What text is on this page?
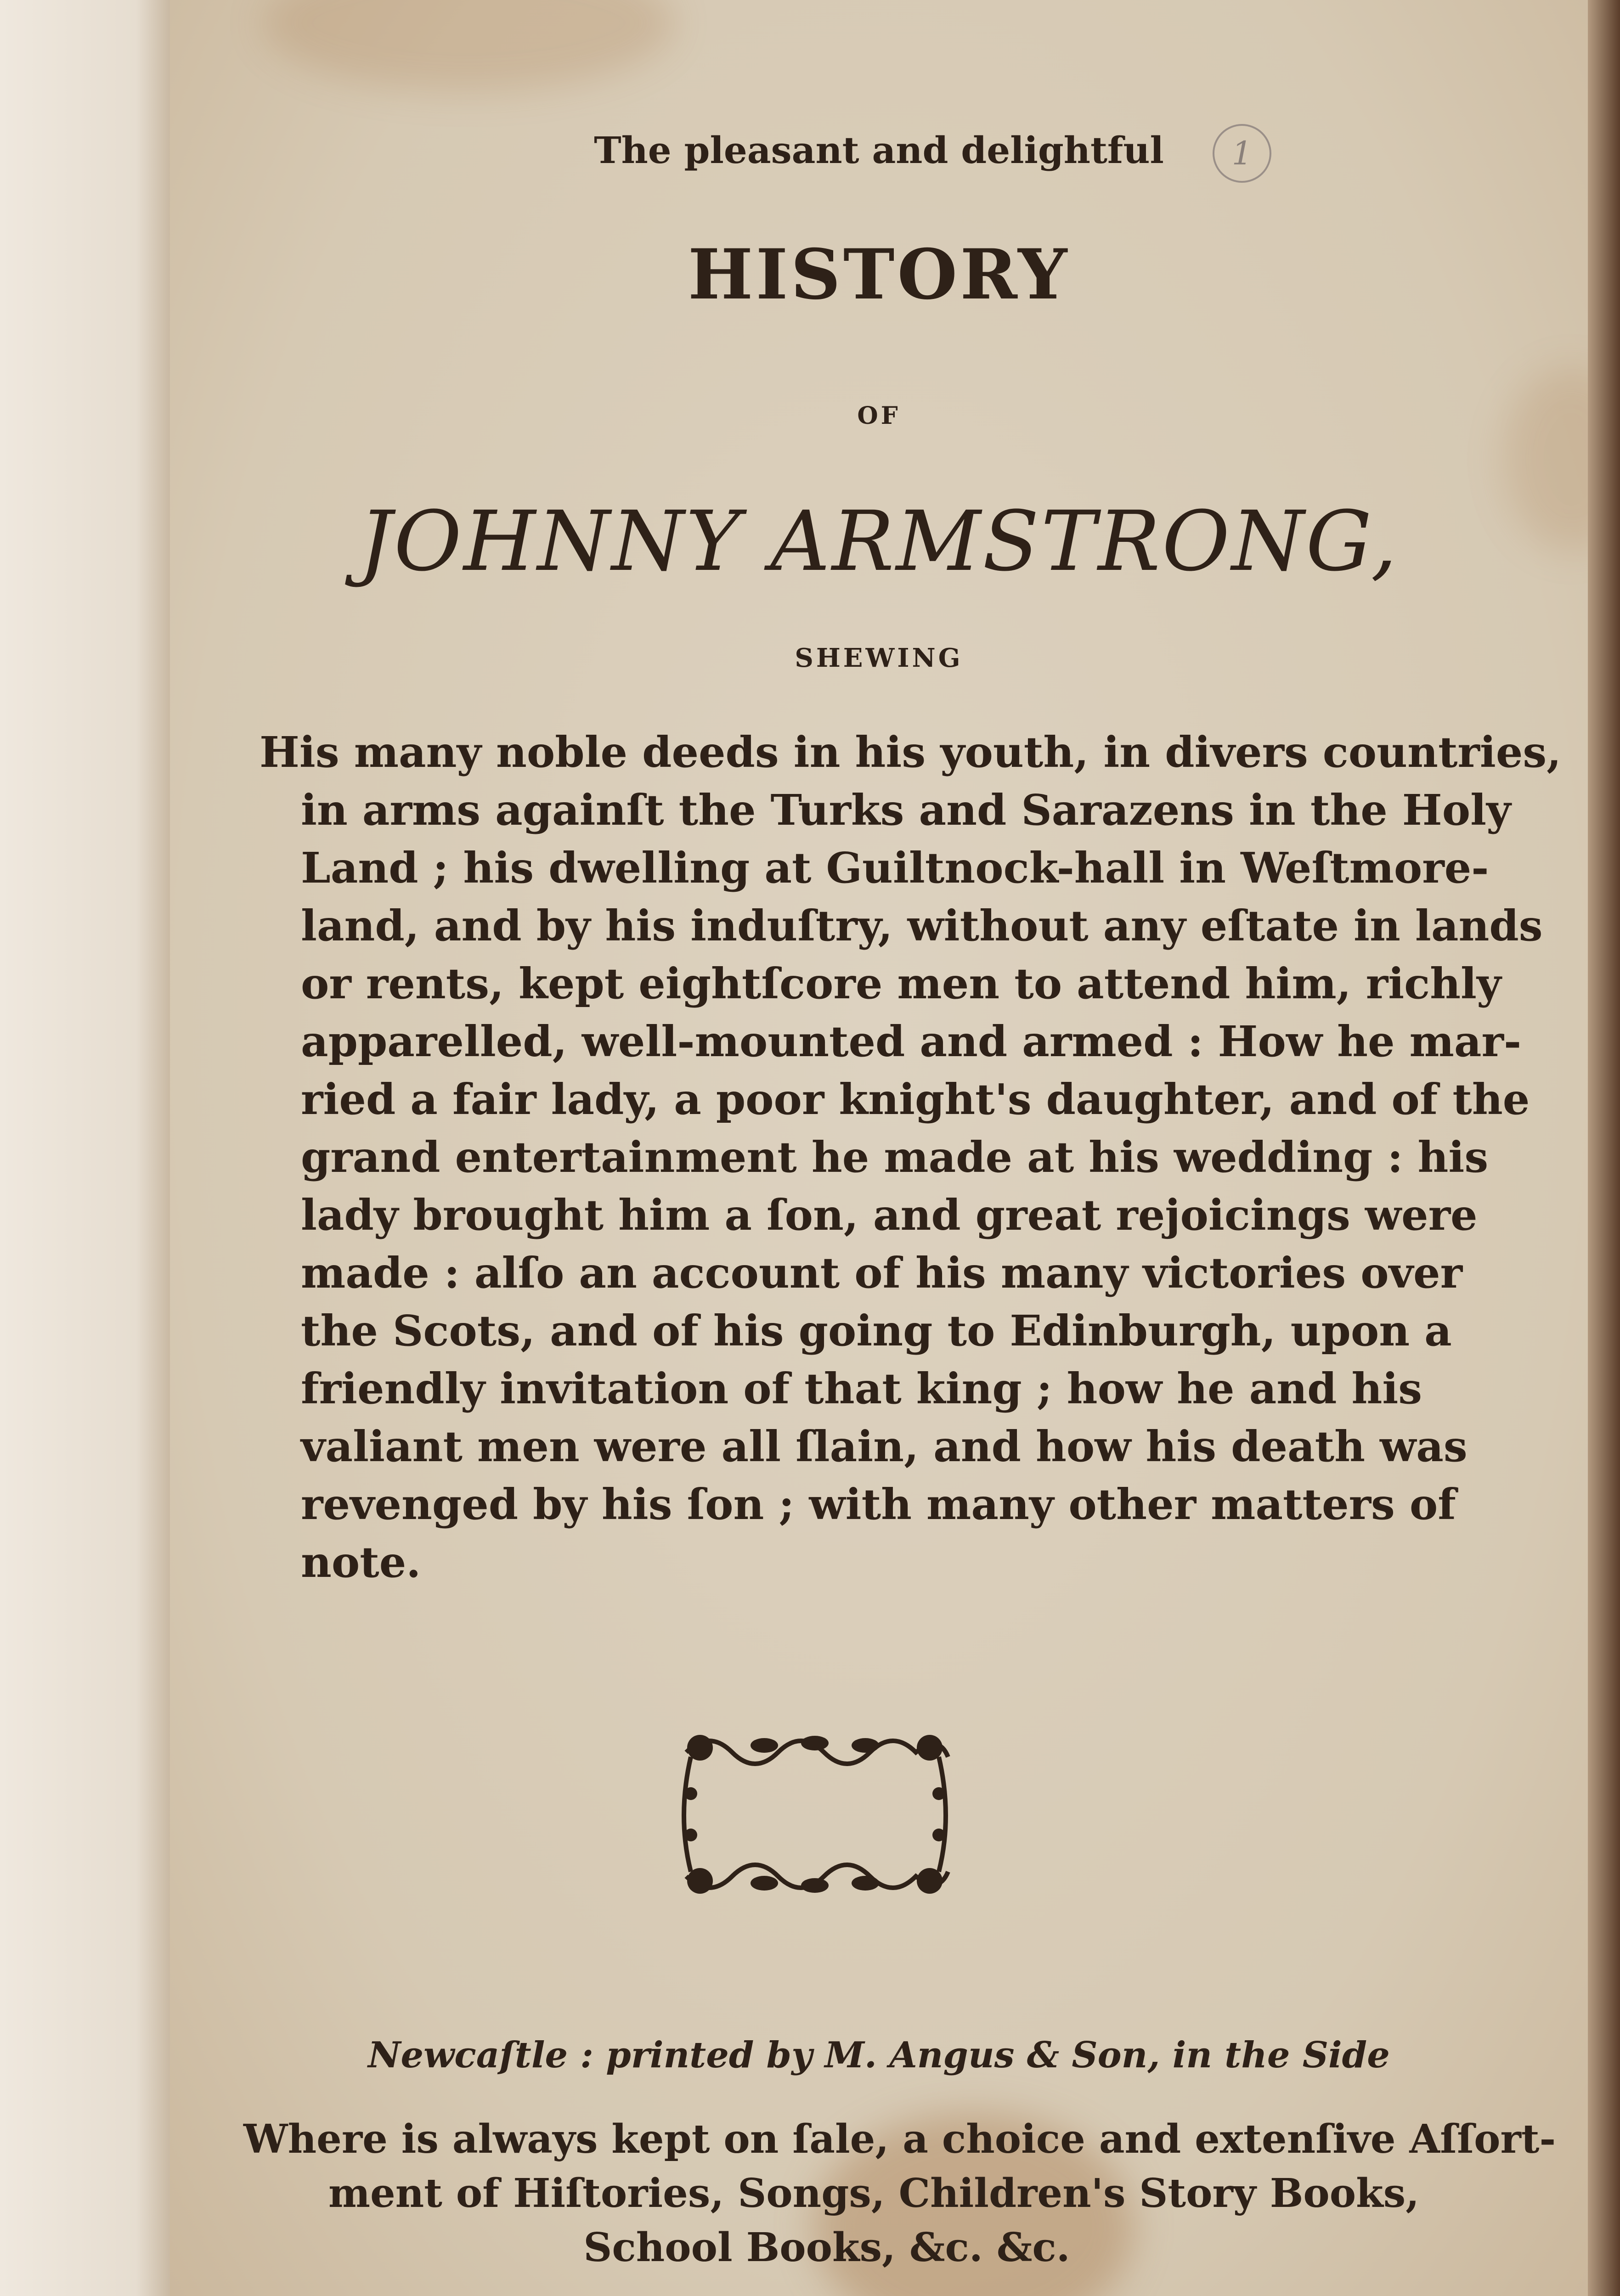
1
The pleasant and delightful
HISTORY
OF
JOHNNY ARMSTRONG,
SHEWING
His many noble deeds in his youth, in divers countries,
in arms againſt the Turks and Sarazens in the Holy
Land ; his dwelling at Guiltnock-hall in Weſtmore-
land, and by his induſtry, without any eſtate in lands
or rents, kept eightſcore men to attend him, richly
apparelled, well-mounted and armed : How he mar-
ried a fair lady, a poor knight's daughter, and of the
grand entertainment he made at his wedding : his
lady brought him a ſon, and great rejoicings were
made : alſo an account of his many victories over
the Scots, and of his going to Edinburgh, upon a
friendly invitation of that king ; how he and his
valiant men were all ſlain, and how his death was
revenged by his ſon ; with many other matters of
note.
Newcaſtle : printed by M. Angus & Son, in the Side
Where is always kept on ſale, a choice and extenſive Aſſort-
ment of Hiſtories, Songs, Children's Story Books,
School Books, &c. &c.
